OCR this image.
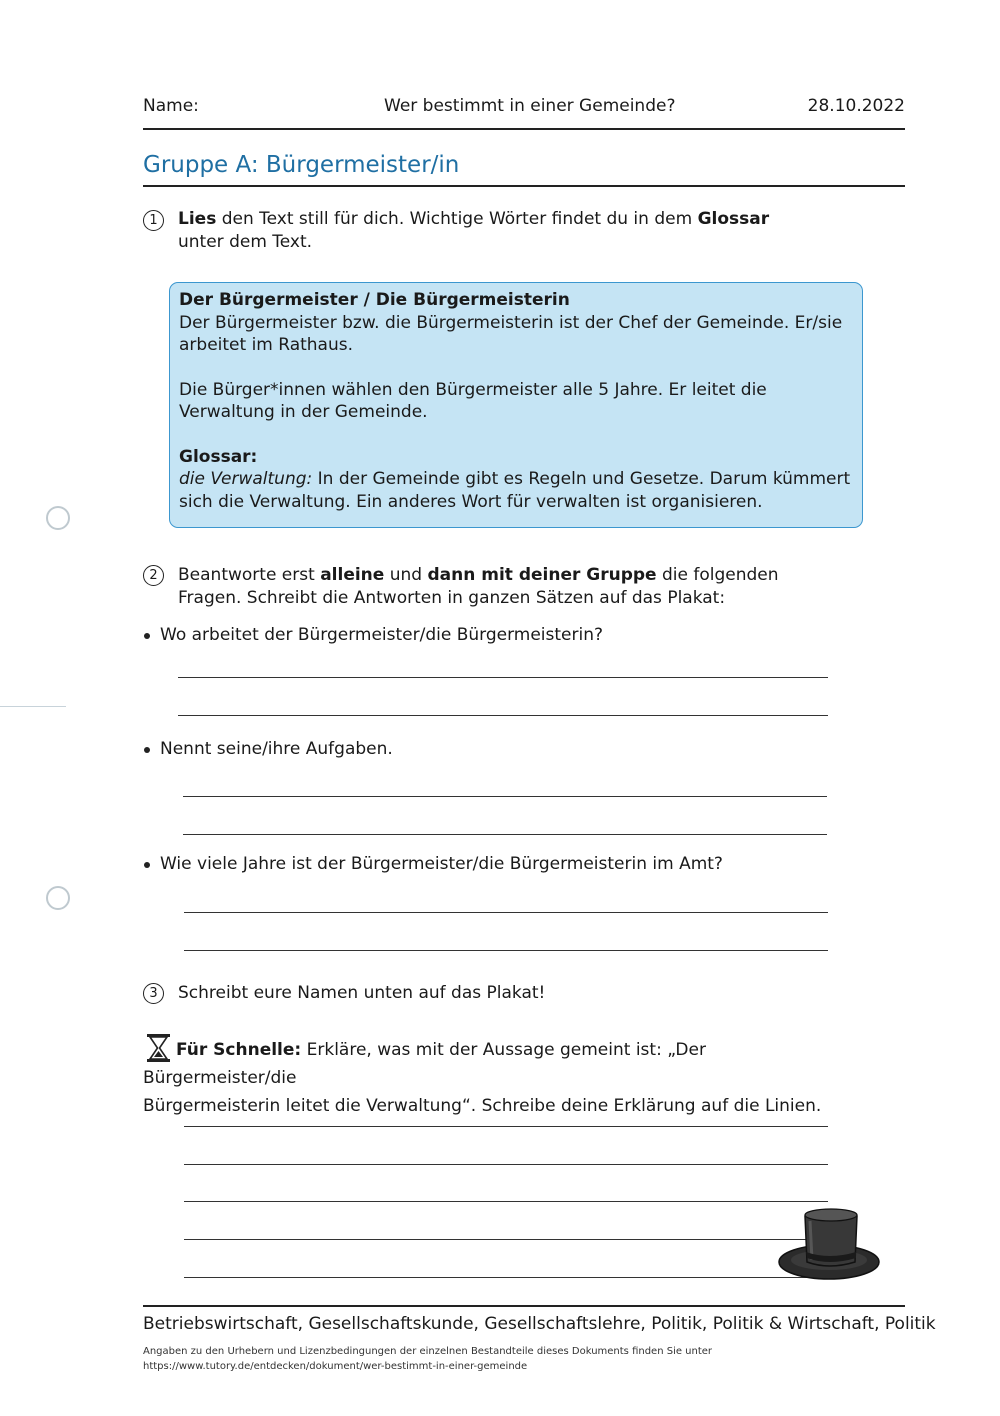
Name:	Wer bestimmt in einer Gemeinde?	28.10.2022
Gruppe A: Bürgermeister/in
1	Lies den Text still für dich. Wichtige Wörter findet du in dem Glossar
unter dem Text.

Der Bürgermeister / Die Bürgermeisterin

Der Bürgermeister bzw. die Bürgermeisterin ist der Chef der Gemeinde. Er/sie arbeitet im Rathaus.

Die Bürger*innen wählen den Bürgermeister alle 5 Jahre. Er leitet die Verwaltung in der Gemeinde.

Glossar:

die Verwaltung: In der Gemeinde gibt es Regeln und Gesetze. Darum kümmert sich die Verwaltung. Ein anderes Wort für verwalten ist organisieren.

2	Beantworte erst alleine und dann mit deiner Gruppe die folgenden
Fragen. Schreibt die Antworten in ganzen Sätzen auf das Plakat:
Wo arbeitet der Bürgermeister/die Bürgermeisterin?
Nennt seine/ihre Aufgaben.
Wie viele Jahre ist der Bürgermeister/die Bürgermeisterin im Amt?
3	Schreibt eure Namen unten auf das Plakat!
Für Schnelle: Erkläre, was mit der Aussage gemeint ist: „Der Bürgermeister/die
Bürgermeisterin leitet die Verwaltung“. Schreibe deine Erklärung auf die Linien.
Betriebswirtschaft, Gesellschaftskunde, Gesellschaftslehre, Politik, Politik & Wirtschaft, Politik
Angaben zu den Urhebern und Lizenzbedingungen der einzelnen Bestandteile dieses Dokuments finden Sie unter
https://www.tutory.de/entdecken/dokument/wer-bestimmt-in-einer-gemeinde
